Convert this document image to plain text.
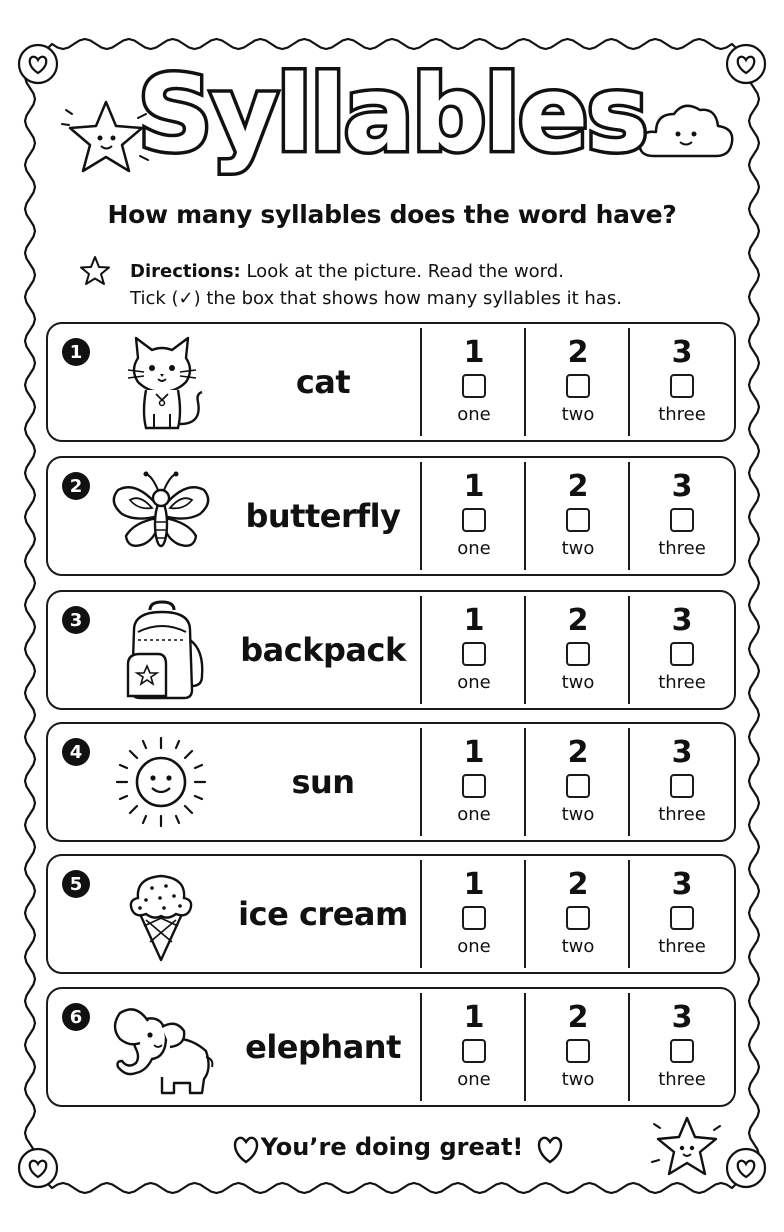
Syllables
How many syllables does the word have?
Directions: Look at the picture. Read the word.
Tick (✓) the box that shows how many syllables it has.
1
cat
1
one
2
two
3
three
2
butterfly
1
one
2
two
3
three
3
backpack
1
one
2
two
3
three
4
sun
1
one
2
two
3
three
5
ice cream
1
one
2
two
3
three
6
elephant
1
one
2
two
3
three
You’re doing great!
